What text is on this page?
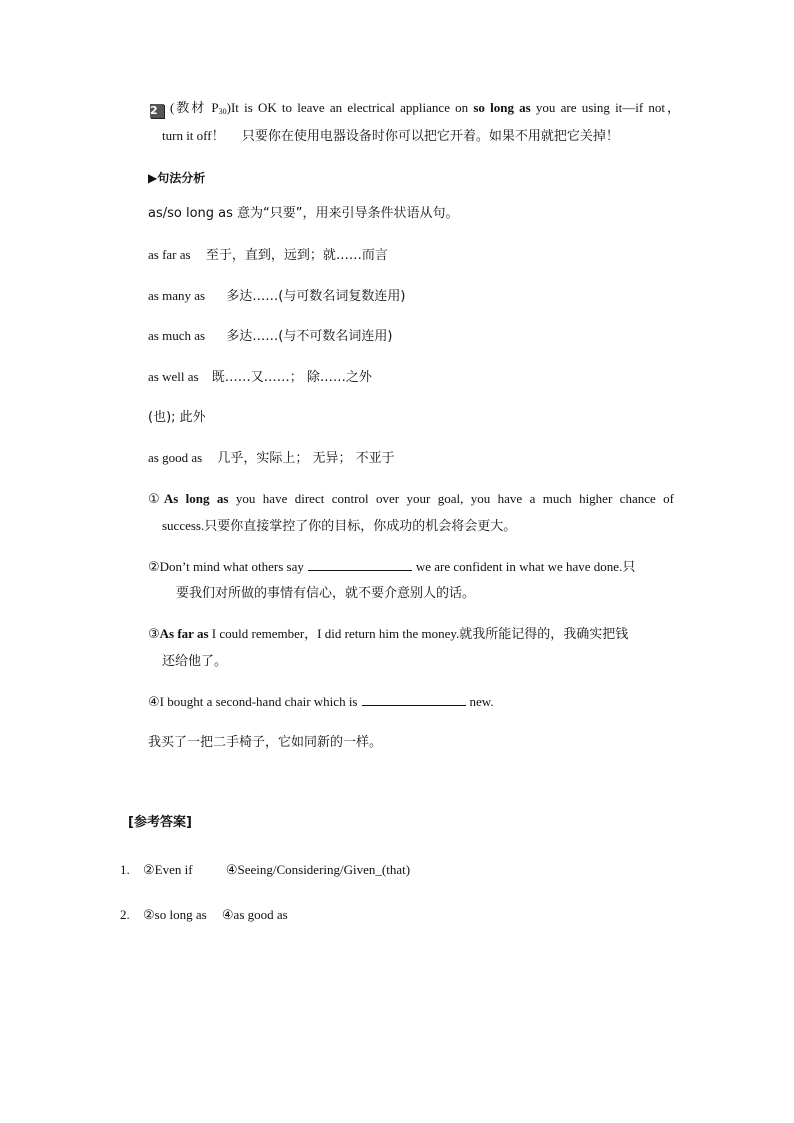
2 (教材 $P_{30})It$ is OK to leave an electrical appliance on so long as you are using it—if not，
turn it off！ 只要你在使用电器设备时你可以把它开着。如果不用就把它关掉！
▶句法分析
as/so long as 意为“只要”，用来引导条件状语从句。
as far as 至于，直到，远到；就……而言
as many as 多达……(与可数名词复数连用)
as much as 多达……(与不可数名词连用)
as well as 既……又……； 除……之外
(也); 此外
as good as 几乎，实际上； 无异； 不亚于
①As long as you have direct control over your goal, you have a much higher chance of
success.只要你直接掌控了你的目标，你成功的机会将会更大。
②Don’t mind what others say	we are confident in what we have done.只
要我们对所做的事情有信心，就不要介意别人的话。
③As far as I could remember，I did return him the money.就我所能记得的，我确实把钱
还给他了。
④I bought a second-hand chair which is	new.
我买了一把二手椅子，它如同新的一样。
[参考答案]
1. ②Even if	④Seeing/Considering/Given_(that)
2. ②so long as ④as good as
